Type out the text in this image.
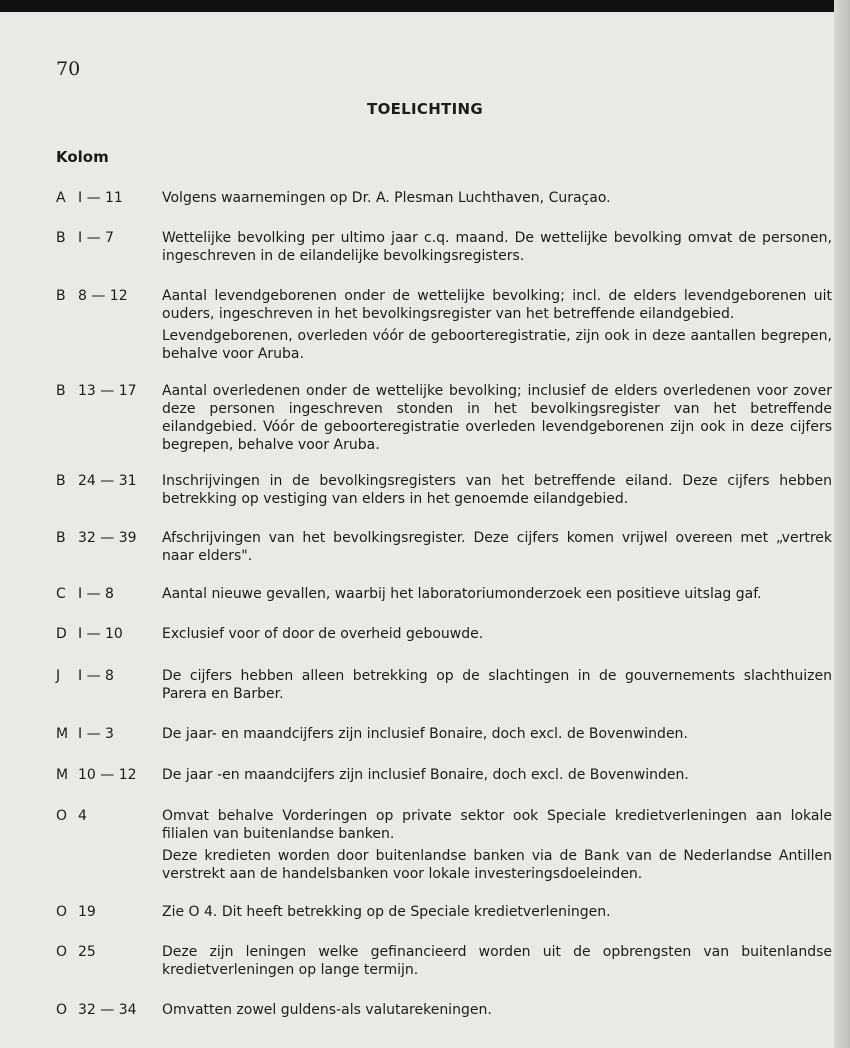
70
TOELICHTING
Kolom
A I — 11	Volgens waarnemingen op Dr. A. Plesman Luchthaven, Curaçao.

B I — 7	Wettelijke bevolking per ultimo jaar c.q. maand. De wettelijke bevolking omvat de personen, ingeschreven in de eilandelijke bevolkingsregisters.

B 8 — 12 Aantal levendgeborenen onder de wettelijke bevolking; incl. de elders levendgeborenen uit ouders, ingeschreven in het bevolkingsregister van het betreffende eilandgebied.

Levendgeborenen, overleden vóór de geboorteregistratie, zijn ook in deze aantallen begrepen, behalve voor Aruba.

B 13 — 17 Aantal overledenen onder de wettelijke bevolking; inclusief de elders overledenen voor zover deze personen ingeschreven stonden in het bevolkingsregister van het betreffende eilandgebied. Vóór de geboorteregistratie overleden levendgeborenen zijn ook in deze cijfers begrepen, behalve voor Aruba.

B 24 — 31 Inschrijvingen in de bevolkingsregisters van het betreffende eiland. Deze cijfers hebben betrekking op vestiging van elders in het genoemde eilandgebied.

B 32 — 39 Afschrijvingen van het bevolkingsregister. Deze cijfers komen vrijwel overeen met „vertrek naar elders".

C I — 8	Aantal nieuwe gevallen, waarbij het laboratoriumonderzoek een positieve uitslag gaf.

D I — 10	Exclusief voor of door de overheid gebouwde.

J I — 8	De cijfers hebben alleen betrekking op de slachtingen in de gouvernements slachthuizen Parera en Barber.

M I — 3	De jaar- en maandcijfers zijn inclusief Bonaire, doch excl. de Bovenwinden.

M 10 — 12 De jaar -en maandcijfers zijn inclusief Bonaire, doch excl. de Bovenwinden.

O 4	Omvat behalve Vorderingen op private sektor ook Speciale kredietverleningen aan lokale filialen van buitenlandse banken.

Deze kredieten worden door buitenlandse banken via de Bank van de Nederlandse Antillen verstrekt aan de handelsbanken voor lokale investeringsdoeleinden.

O 19	Zie O 4. Dit heeft betrekking op de Speciale kredietverleningen.

O 25	Deze zijn leningen welke gefinancieerd worden uit de opbrengsten van buitenlandse kredietverleningen op lange termijn.

O 32 — 34 Omvatten zowel guldens-als valutarekeningen.
